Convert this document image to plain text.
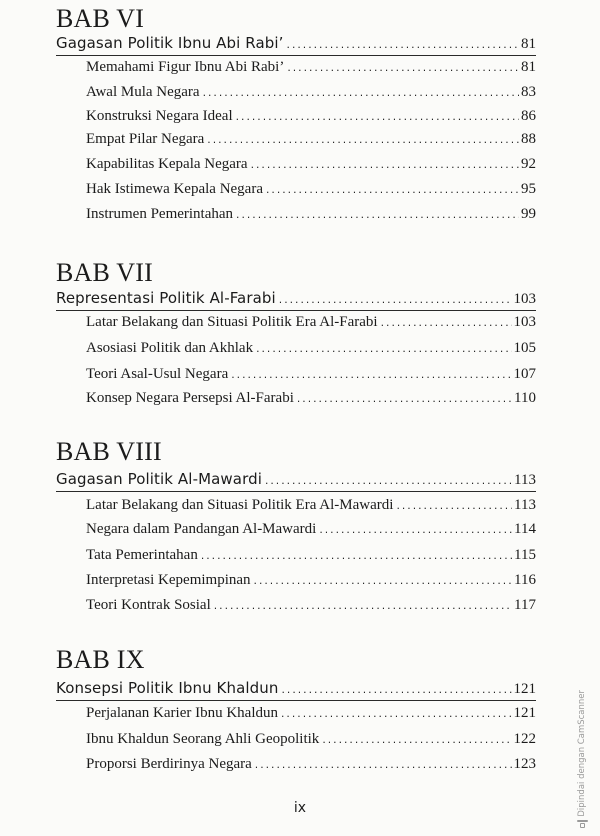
BAB VI
Gagasan Politik Ibnu Abi Rabi’ .....	81
Memahami Figur Ibnu Abi Rabi’ .....	81
Awal Mula Negara .....	83
Konstruksi Negara Ideal .....	86
Empat Pilar Negara .....	88
Kapabilitas Kepala Negara .....	92
Hak Istimewa Kepala Negara .....	95
Instrumen Pemerintahan .....	99
BAB VII
Representasi Politik Al-Farabi .....	103
Latar Belakang dan Situasi Politik Era Al-Farabi .....	103
Asosiasi Politik dan Akhlak .....	105
Teori Asal-Usul Negara .....	107
Konsep Negara Persepsi Al-Farabi .....	110
BAB VIII
Gagasan Politik Al-Mawardi .....	113
Latar Belakang dan Situasi Politik Era Al-Mawardi .....	113
Negara dalam Pandangan Al-Mawardi .....	114
Tata Pemerintahan .....	115
Interpretasi Kepemimpinan .....	116
Teori Kontrak Sosial .....	117
BAB IX
Konsepsi Politik Ibnu Khaldun .....	121
Perjalanan Karier Ibnu Khaldun .....	121
Ibnu Khaldun Seorang Ahli Geopolitik .....	122
Proporsi Berdirinya Negara .....	123
ix	Dipindai dengan CamScanner
